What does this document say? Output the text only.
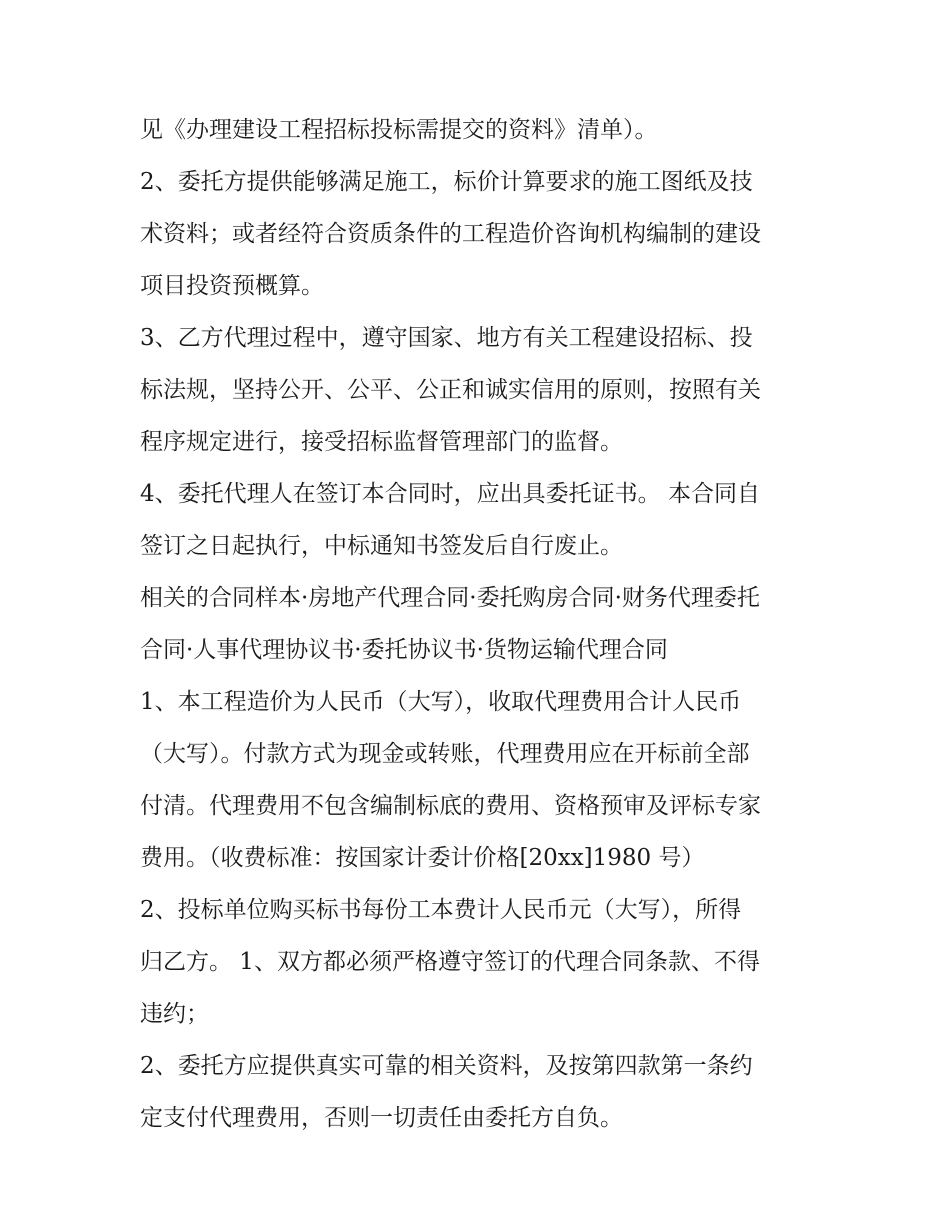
见《办理建设工程招标投标需提交的资料》清单）。

2、委托方提供能够满足施工，标价计算要求的施工图纸及技

术资料；或者经符合资质条件的工程造价咨询机构编制的建设

项目投资预概算。

3、乙方代理过程中，遵守国家、地方有关工程建设招标、投

标法规，坚持公开、公平、公正和诚实信用的原则，按照有关

程序规定进行，接受招标监督管理部门的监督。

4、委托代理人在签订本合同时，应出具委托证书。 本合同自

签订之日起执行，中标通知书签发后自行废止。

相关的合同样本·房地产代理合同·委托购房合同·财务代理委托

合同·人事代理协议书·委托协议书·货物运输代理合同

1、本工程造价为人民币（大写），收取代理费用合计人民币

（大写）。付款方式为现金或转账，代理费用应在开标前全部

付清。代理费用不包含编制标底的费用、资格预审及评标专家

费用。（收费标准：按国家计委计价格[20xx]1980 号）

2、投标单位购买标书每份工本费计人民币元（大写），所得

归乙方。 1、双方都必须严格遵守签订的代理合同条款、不得

违约；

2、委托方应提供真实可靠的相关资料，及按第四款第一条约

定支付代理费用，否则一切责任由委托方自负。
